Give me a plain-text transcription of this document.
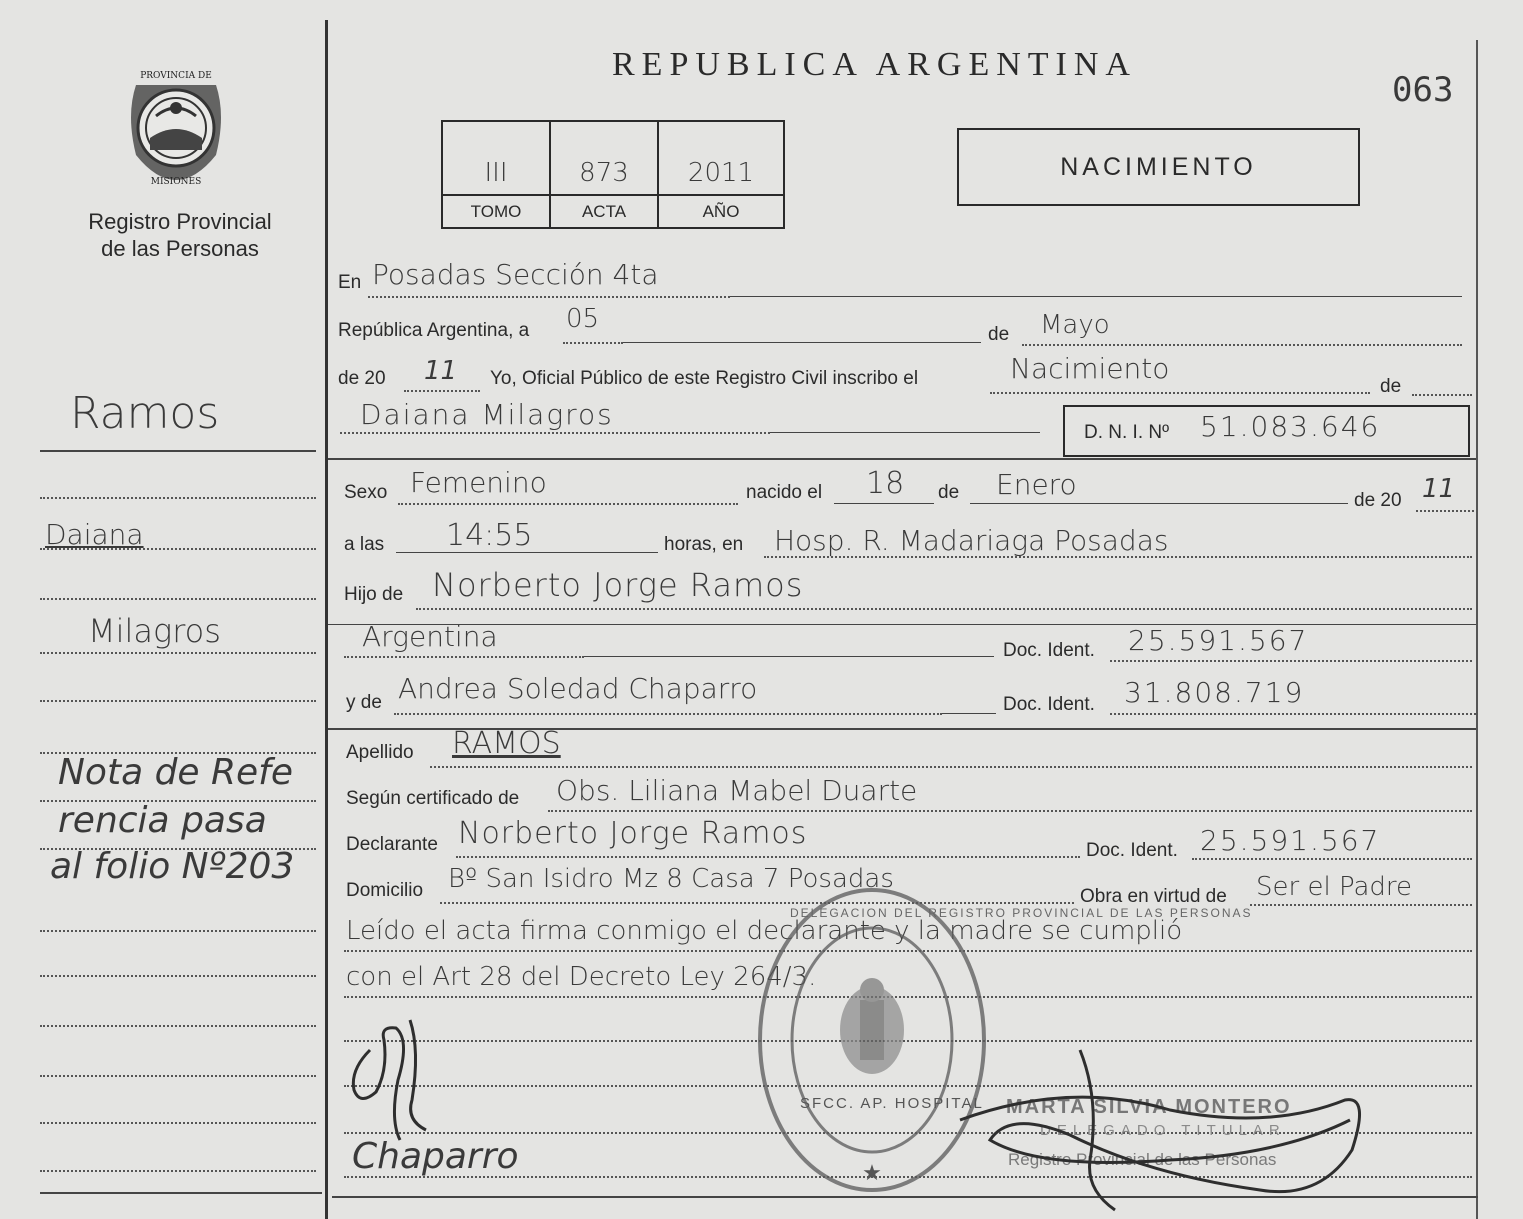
PROVINCIA DE
MISIONES
Registro Provincial
de las Personas
REPUBLICA ARGENTINA
063
III	873	2011
TOMO	ACTA	AÑO
NACIMIENTO
Ramos
Daiana
Milagros
Nota de Refe
rencia pasa
al folio Nº203
En Posadas Sección 4ta
República Argentina, a 05
de Mayo
de 20 11 Yo, Oficial Público de este Registro Civil inscribo el	Nacimiento
de
Daiana Milagros
D. N. I. Nº 51.083.646
Sexo Femenino	nacido el 18 de Enero	de 20 11
a las 14:55	horas, en Hosp. R. Madariaga Posadas
Hijo de Norberto Jorge Ramos
Argentina	Doc. Ident. 25.591.567
y de Andrea Soledad Chaparro	Doc. Ident. 31.808.719
Apellido RAMOS
Según certificado de Obs. Liliana Mabel Duarte
Declarante Norberto Jorge Ramos	Doc. Ident. 25.591.567
Domicilio Bº San Isidro Mz 8 Casa 7 Posadas
Obra en virtud de Ser el Padre
Leído el acta firma conmigo el declarante y la madre se cumplió
con el Art 28 del Decreto Ley 264/3.
★
DELEGACION DEL REGISTRO PROVINCIAL DE LAS PERSONAS
SFCC. AP. HOSPITAL MARTA SILVIA MONTERO
DELEGADO TITULAR
Registro Provincial de las Personas
Chaparro
